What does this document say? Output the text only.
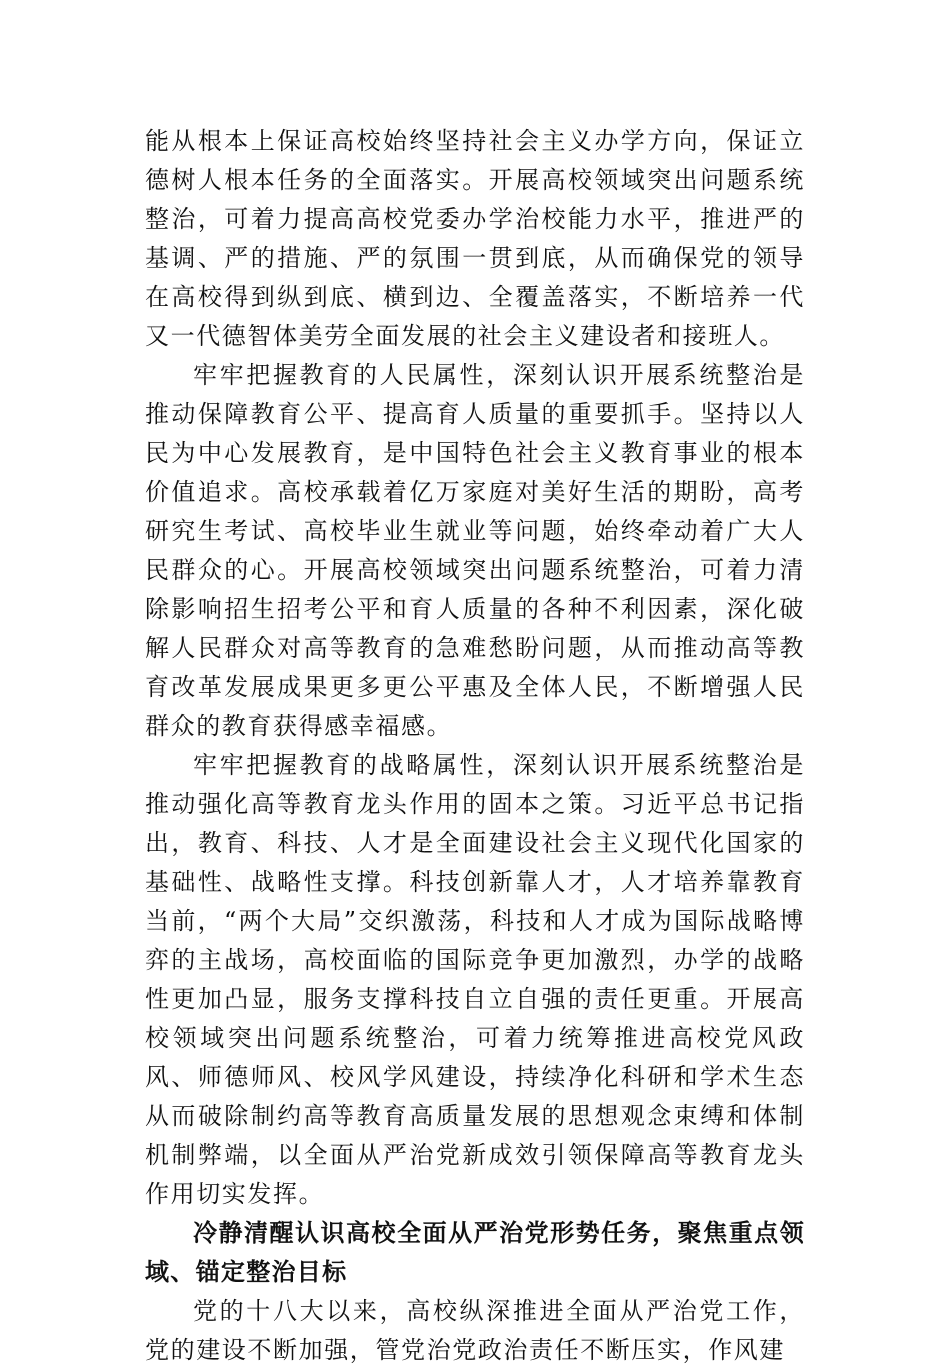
能从根本上保证高校始终坚持社会主义办学方向，保证立德树人根本任务的全面落实。开展高校领域突出问题系统整治，可着力提高高校党委办学治校能力水平，推进严的基调、严的措施、严的氛围一贯到底，从而确保党的领导在高校得到纵到底、横到边、全覆盖落实，不断培养一代又一代德智体美劳全面发展的社会主义建设者和接班人。

牢牢把握教育的人民属性，深刻认识开展系统整治是推动保障教育公平、提高育人质量的重要抓手。坚持以人民为中心发展教育，是中国特色社会主义教育事业的根本价值追求。高校承载着亿万家庭对美好生活的期盼，高考研究生考试、高校毕业生就业等问题，始终牵动着广大人民群众的心。开展高校领域突出问题系统整治，可着力清除影响招生招考公平和育人质量的各种不利因素，深化破解人民群众对高等教育的急难愁盼问题，从而推动高等教育改革发展成果更多更公平惠及全体人民，不断增强人民群众的教育获得感幸福感。

牢牢把握教育的战略属性，深刻认识开展系统整治是推动强化高等教育龙头作用的固本之策。习近平总书记指出，教育、科技、人才是全面建设社会主义现代化国家的基础性、战略性支撑。科技创新靠人才，人才培养靠教育当前，“两个大局”交织激荡，科技和人才成为国际战略博弈的主战场，高校面临的国际竞争更加激烈，办学的战略性更加凸显，服务支撑科技自立自强的责任更重。开展高校领域突出问题系统整治，可着力统筹推进高校党风政风、师德师风、校风学风建设，持续净化科研和学术生态从而破除制约高等教育高质量发展的思想观念束缚和体制机制弊端，以全面从严治党新成效引领保障高等教育龙头作用切实发挥。

冷静清醒认识高校全面从严治党形势任务，聚焦重点领域、锚定整治目标

党的十八大以来，高校纵深推进全面从严治党工作，党的建设不断加强，管党治党政治责任不断压实，作风建
